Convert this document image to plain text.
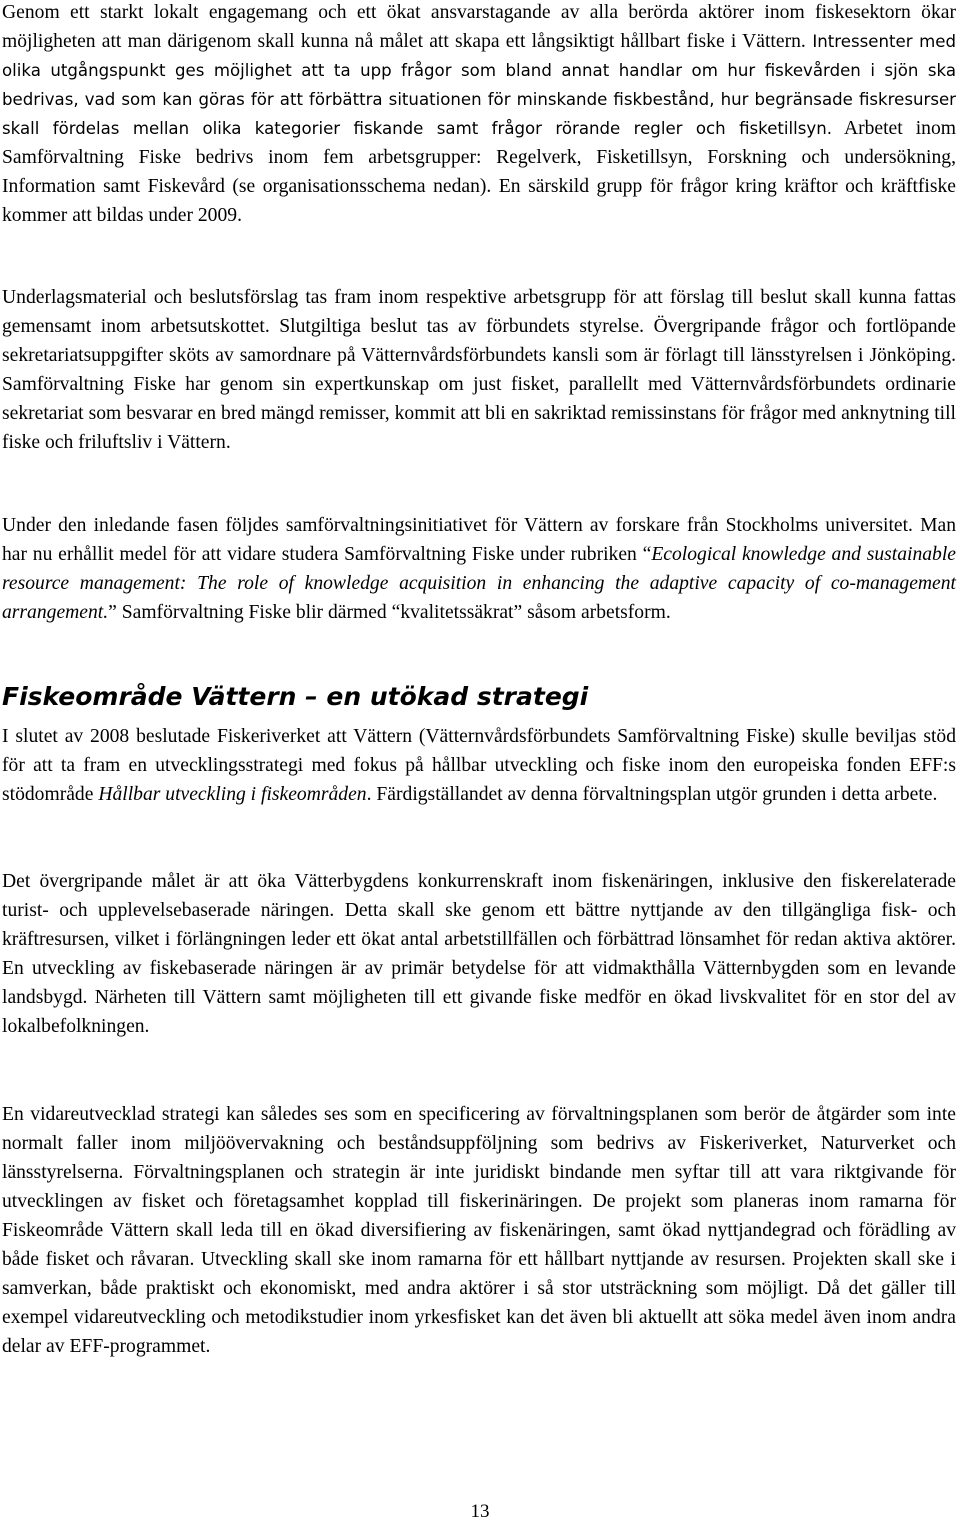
Genom ett starkt lokalt engagemang och ett ökat ansvarstagande av alla berörda aktörer inom fiskesektorn ökar möjligheten att man därigenom skall kunna nå målet att skapa ett långsiktigt hållbart fiske i Vättern. Intressenter med olika utgångspunkt ges möjlighet att ta upp frågor som bland annat handlar om hur fiskevården i sjön ska bedrivas, vad som kan göras för att förbättra situationen för minskande fiskbestånd, hur begränsade fiskresurser skall fördelas mellan olika kategorier fiskande samt frågor rörande regler och fisketillsyn. Arbetet inom Samförvaltning Fiske bedrivs inom fem arbetsgrupper: Regelverk, Fisketillsyn, Forskning och undersökning, Information samt Fiskevård (se organisationsschema nedan). En särskild grupp för frågor kring kräftor och kräftfiske kommer att bildas under 2009.

Underlagsmaterial och beslutsförslag tas fram inom respektive arbetsgrupp för att förslag till beslut skall kunna fattas gemensamt inom arbetsutskottet. Slutgiltiga beslut tas av förbundets styrelse. Övergripande frågor och fortlöpande sekretariatsuppgifter sköts av samordnare på Vätternvårdsförbundets kansli som är förlagt till länsstyrelsen i Jönköping. Samförvaltning Fiske har genom sin expertkunskap om just fisket, parallellt med Vätternvårdsförbundets ordinarie sekretariat som besvarar en bred mängd remisser, kommit att bli en sakriktad remissinstans för frågor med anknytning till fiske och friluftsliv i Vättern.

Under den inledande fasen följdes samförvaltningsinitiativet för Vättern av forskare från Stockholms universitet. Man har nu erhållit medel för att vidare studera Samförvaltning Fiske under rubriken “Ecological knowledge and sustainable resource management: The role of knowledge acquisition in enhancing the adaptive capacity of co-management arrangement.” Samförvaltning Fiske blir därmed “kvalitetssäkrat” såsom arbetsform.

Fiskeområde Vättern – en utökad strategi

I slutet av 2008 beslutade Fiskeriverket att Vättern (Vätternvårdsförbundets Samförvaltning Fiske) skulle beviljas stöd för att ta fram en utvecklingsstrategi med fokus på hållbar utveckling och fiske inom den europeiska fonden EFF:s stödområde Hållbar utveckling i fiskeområden. Färdigställandet av denna förvaltningsplan utgör grunden i detta arbete.

Det övergripande målet är att öka Vätterbygdens konkurrenskraft inom fiskenäringen, inklusive den fiskerelaterade turist- och upplevelsebaserade näringen. Detta skall ske genom ett bättre nyttjande av den tillgängliga fisk- och kräftresursen, vilket i förlängningen leder ett ökat antal arbetstillfällen och förbättrad lönsamhet för redan aktiva aktörer. En utveckling av fiskebaserade näringen är av primär betydelse för att vidmakthålla Vätternbygden som en levande landsbygd. Närheten till Vättern samt möjligheten till ett givande fiske medför en ökad livskvalitet för en stor del av lokalbefolkningen.

En vidareutvecklad strategi kan således ses som en specificering av förvaltningsplanen som berör de åtgärder som inte normalt faller inom miljöövervakning och beståndsuppföljning som bedrivs av Fiskeriverket, Naturverket och länsstyrelserna. Förvaltningsplanen och strategin är inte juridiskt bindande men syftar till att vara riktgivande för utvecklingen av fisket och företagsamhet kopplad till fiskerinäringen. De projekt som planeras inom ramarna för Fiskeområde Vättern skall leda till en ökad diversifiering av fiskenäringen, samt ökad nyttjandegrad och förädling av både fisket och råvaran. Utveckling skall ske inom ramarna för ett hållbart nyttjande av resursen. Projekten skall ske i samverkan, både praktiskt och ekonomiskt, med andra aktörer i så stor utsträckning som möjligt. Då det gäller till exempel vidareutveckling och metodikstudier inom yrkesfisket kan det även bli aktuellt att söka medel även inom andra delar av EFF-programmet.

13
